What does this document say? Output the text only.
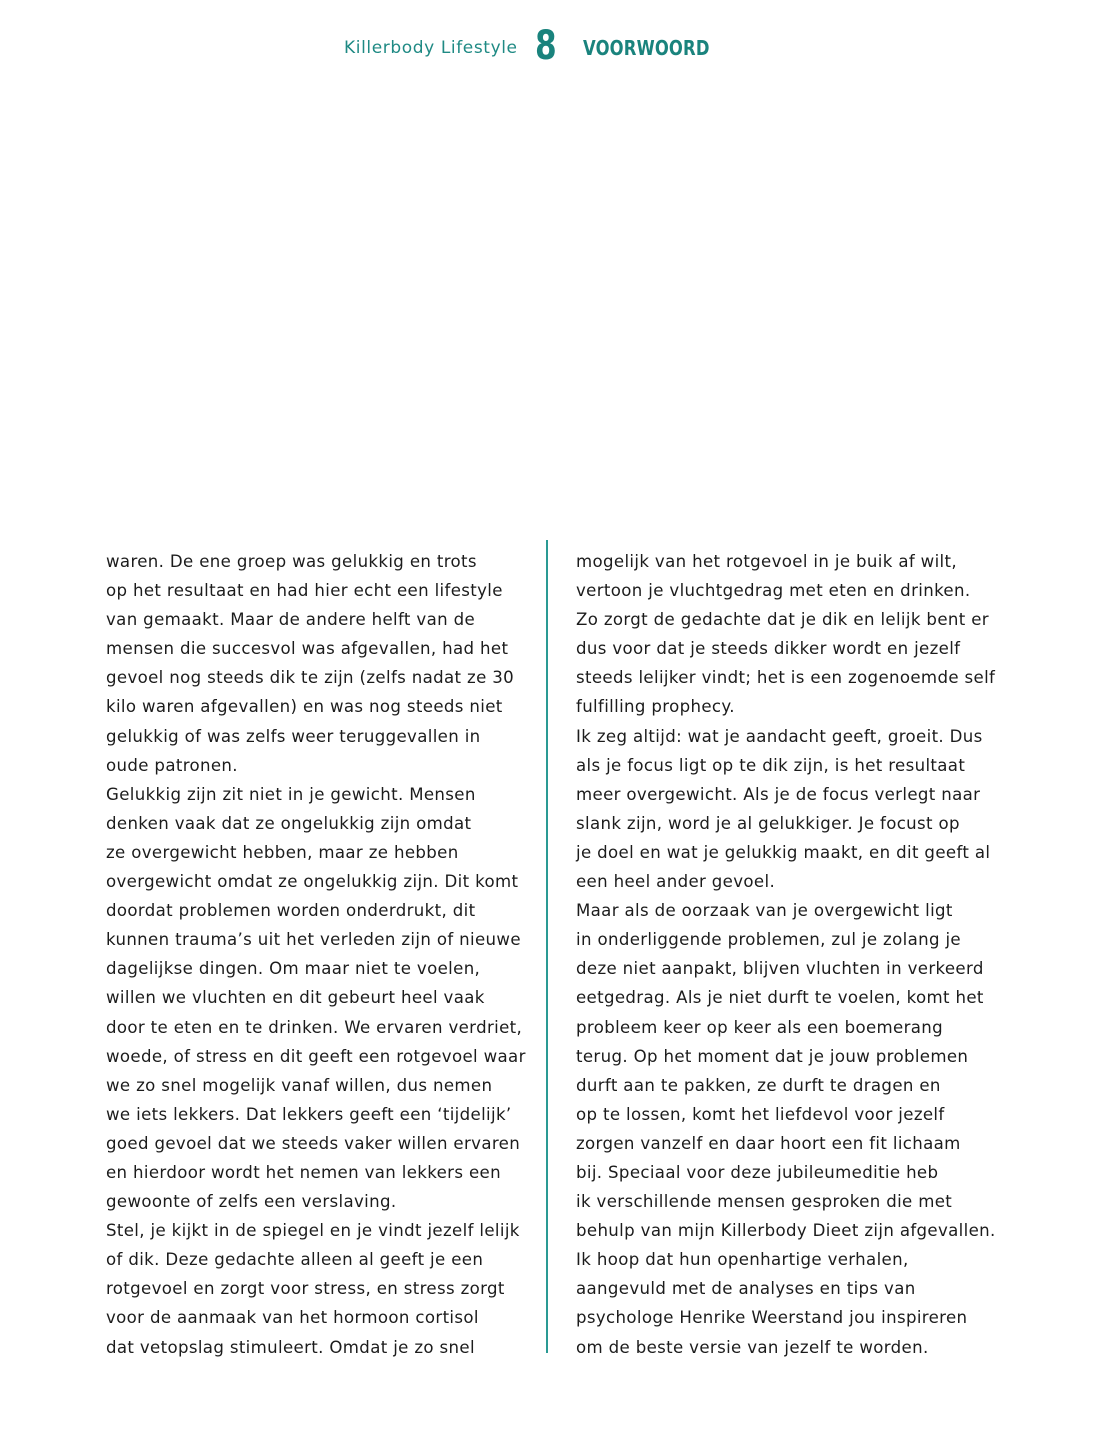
Killerbody Lifestyle 8 VOORWOORD
waren. De ene groep was gelukkig en trots
op het resultaat en had hier echt een lifestyle
van gemaakt. Maar de andere helft van de
mensen die succesvol was afgevallen, had het
gevoel nog steeds dik te zijn (zelfs nadat ze 30
kilo waren afgevallen) en was nog steeds niet
gelukkig of was zelfs weer teruggevallen in
oude patronen.
Gelukkig zijn zit niet in je gewicht. Mensen
denken vaak dat ze ongelukkig zijn omdat
ze overgewicht hebben, maar ze hebben
overgewicht omdat ze ongelukkig zijn. Dit komt
doordat problemen worden onderdrukt, dit
kunnen trauma’s uit het verleden zijn of nieuwe
dagelijkse dingen. Om maar niet te voelen,
willen we vluchten en dit gebeurt heel vaak
door te eten en te drinken. We ervaren verdriet,
woede, of stress en dit geeft een rotgevoel waar
we zo snel mogelijk vanaf willen, dus nemen
we iets lekkers. Dat lekkers geeft een ‘tijdelijk’
goed gevoel dat we steeds vaker willen ervaren
en hierdoor wordt het nemen van lekkers een
gewoonte of zelfs een verslaving.
Stel, je kijkt in de spiegel en je vindt jezelf lelijk
of dik. Deze gedachte alleen al geeft je een
rotgevoel en zorgt voor stress, en stress zorgt
voor de aanmaak van het hormoon cortisol
dat vetopslag stimuleert. Omdat je zo snel
mogelijk van het rotgevoel in je buik af wilt,
vertoon je vluchtgedrag met eten en drinken.
Zo zorgt de gedachte dat je dik en lelijk bent er
dus voor dat je steeds dikker wordt en jezelf
steeds lelijker vindt; het is een zogenoemde self
fulfilling prophecy.
Ik zeg altijd: wat je aandacht geeft, groeit. Dus
als je focus ligt op te dik zijn, is het resultaat
meer overgewicht. Als je de focus verlegt naar
slank zijn, word je al gelukkiger. Je focust op
je doel en wat je gelukkig maakt, en dit geeft al
een heel ander gevoel.
Maar als de oorzaak van je overgewicht ligt
in onderliggende problemen, zul je zolang je
deze niet aanpakt, blijven vluchten in verkeerd
eetgedrag. Als je niet durft te voelen, komt het
probleem keer op keer als een boemerang
terug. Op het moment dat je jouw problemen
durft aan te pakken, ze durft te dragen en
op te lossen, komt het liefdevol voor jezelf
zorgen vanzelf en daar hoort een fit lichaam
bij. Speciaal voor deze jubileumeditie heb
ik verschillende mensen gesproken die met
behulp van mijn Killerbody Dieet zijn afgevallen.
Ik hoop dat hun openhartige verhalen,
aangevuld met de analyses en tips van
psychologe Henrike Weerstand jou inspireren
om de beste versie van jezelf te worden.
